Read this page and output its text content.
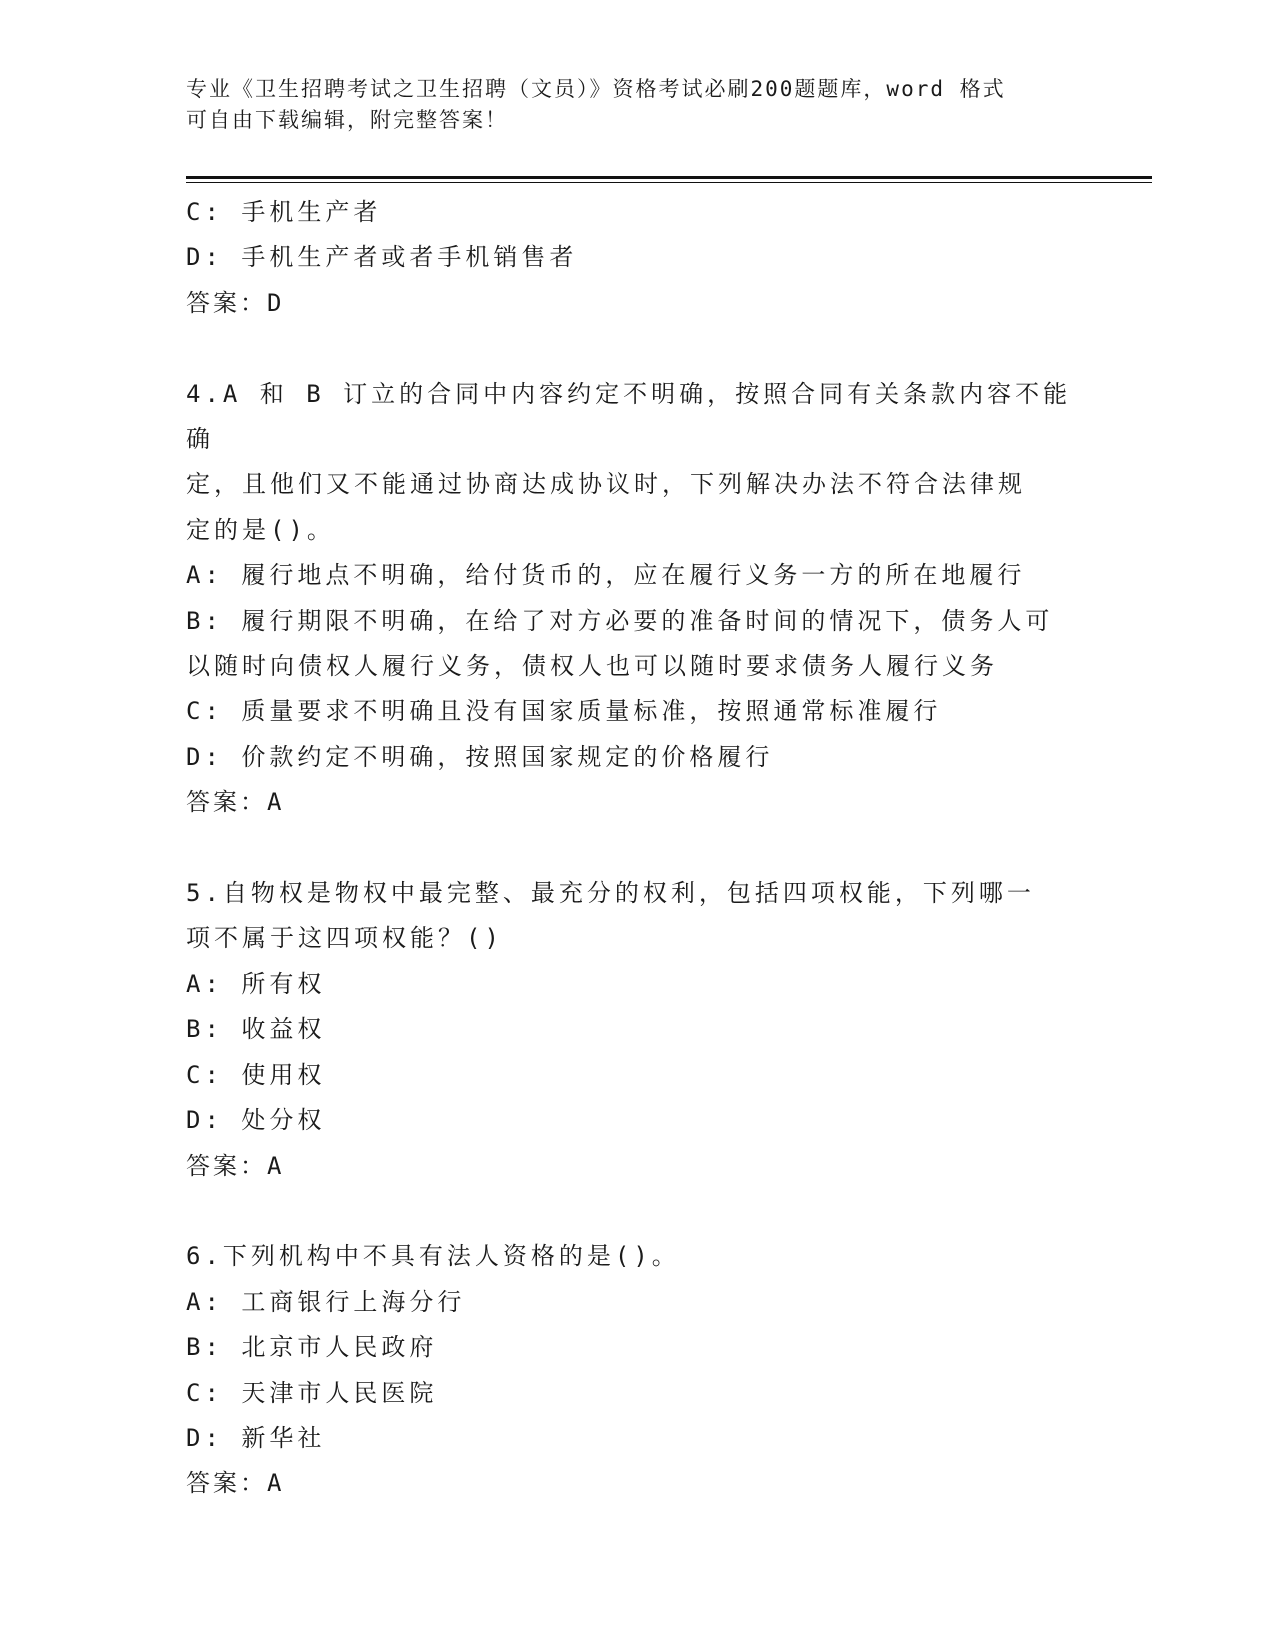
专业《卫生招聘考试之卫生招聘（文员）》资格考试必刷200题题库，word 格式
可自由下载编辑，附完整答案！
C: 手机生产者
D: 手机生产者或者手机销售者
答案：D
4.A 和 B 订立的合同中内容约定不明确，按照合同有关条款内容不能确
定，且他们又不能通过协商达成协议时，下列解决办法不符合法律规
定的是()。
A: 履行地点不明确，给付货币的，应在履行义务一方的所在地履行
B: 履行期限不明确，在给了对方必要的准备时间的情况下，债务人可
以随时向债权人履行义务，债权人也可以随时要求债务人履行义务
C: 质量要求不明确且没有国家质量标准，按照通常标准履行
D: 价款约定不明确，按照国家规定的价格履行
答案：A
5.自物权是物权中最完整、最充分的权利，包括四项权能，下列哪一
项不属于这四项权能？()
A: 所有权
B: 收益权
C: 使用权
D: 处分权
答案：A
6.下列机构中不具有法人资格的是()。
A: 工商银行上海分行
B: 北京市人民政府
C: 天津市人民医院
D: 新华社
答案：A
